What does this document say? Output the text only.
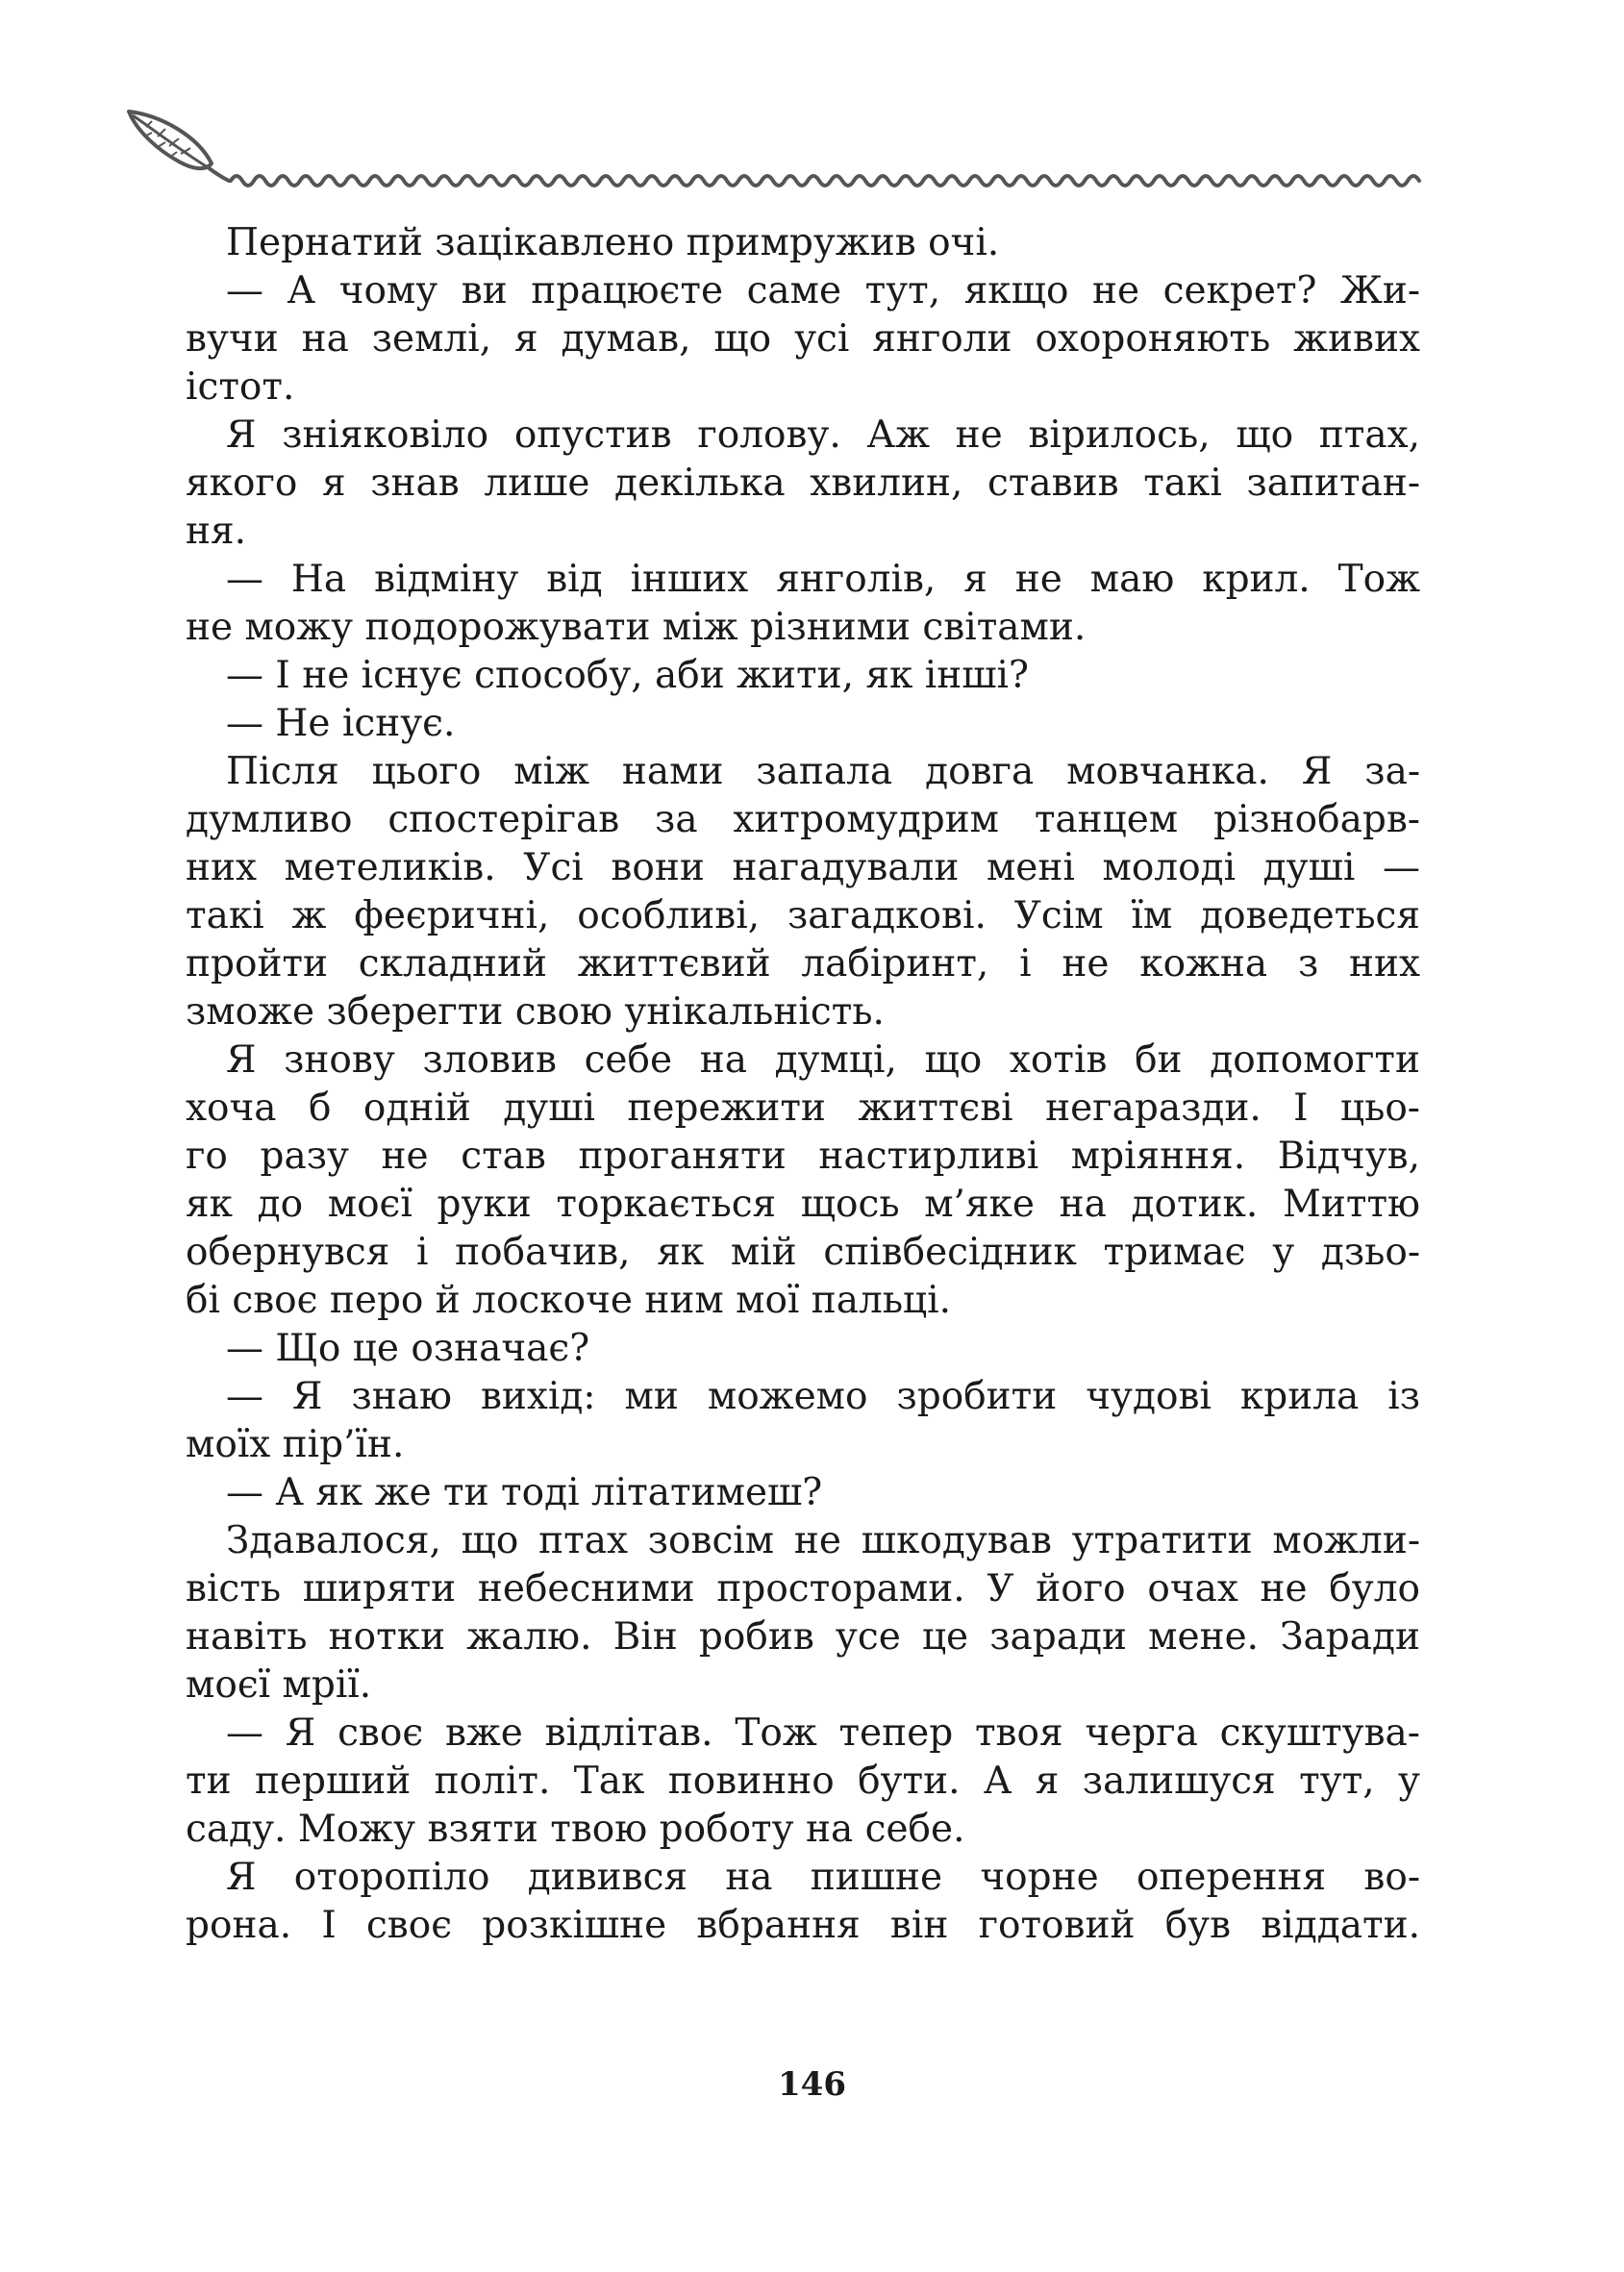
Пернатий зацікавлено примружив очі.
— А чому ви працюєте саме тут, якщо не секрет? Жи-
вучи на землі, я думав, що усі янголи охороняють живих
істот.
Я зніяковіло опустив голову. Аж не вірилось, що птах,
якого я знав лише декілька хвилин, ставив такі запитан-
ня.
— На відміну від інших янголів, я не маю крил. Тож
не можу подорожувати між різними світами.
— І не існує способу, аби жити, як інші?
— Не існує.
Після цього між нами запала довга мовчанка. Я за-
думливо спостерігав за хитромудрим танцем різнобарв-
них метеликів. Усі вони нагадували мені молоді душі —
такі ж феєричні, особливі, загадкові. Усім їм доведеться
пройти складний життєвий лабіринт, і не кожна з них
зможе зберегти свою унікальність.
Я знову зловив себе на думці, що хотів би допомогти
хоча б одній душі пережити життєві негаразди. І цьо-
го разу не став проганяти настирливі мріяння. Відчув,
як до моєї руки торкається щось м’яке на дотик. Миттю
обернувся і побачив, як мій співбесідник тримає у дзьо-
бі своє перо й лоскоче ним мої пальці.
— Що це означає?
— Я знаю вихід: ми можемо зробити чудові крила із
моїх пір’їн.
— А як же ти тоді літатимеш?
Здавалося, що птах зовсім не шкодував утратити можли-
вість ширяти небесними просторами. У його очах не було
навіть нотки жалю. Він робив усе це заради мене. Заради
моєї мрії.
— Я своє вже відлітав. Тож тепер твоя черга скуштува-
ти перший політ. Так повинно бути. А я залишуся тут, у
саду. Можу взяти твою роботу на себе.
Я оторопіло дивився на пишне чорне оперення во-
рона. І своє розкішне вбрання він готовий був віддати.
146
